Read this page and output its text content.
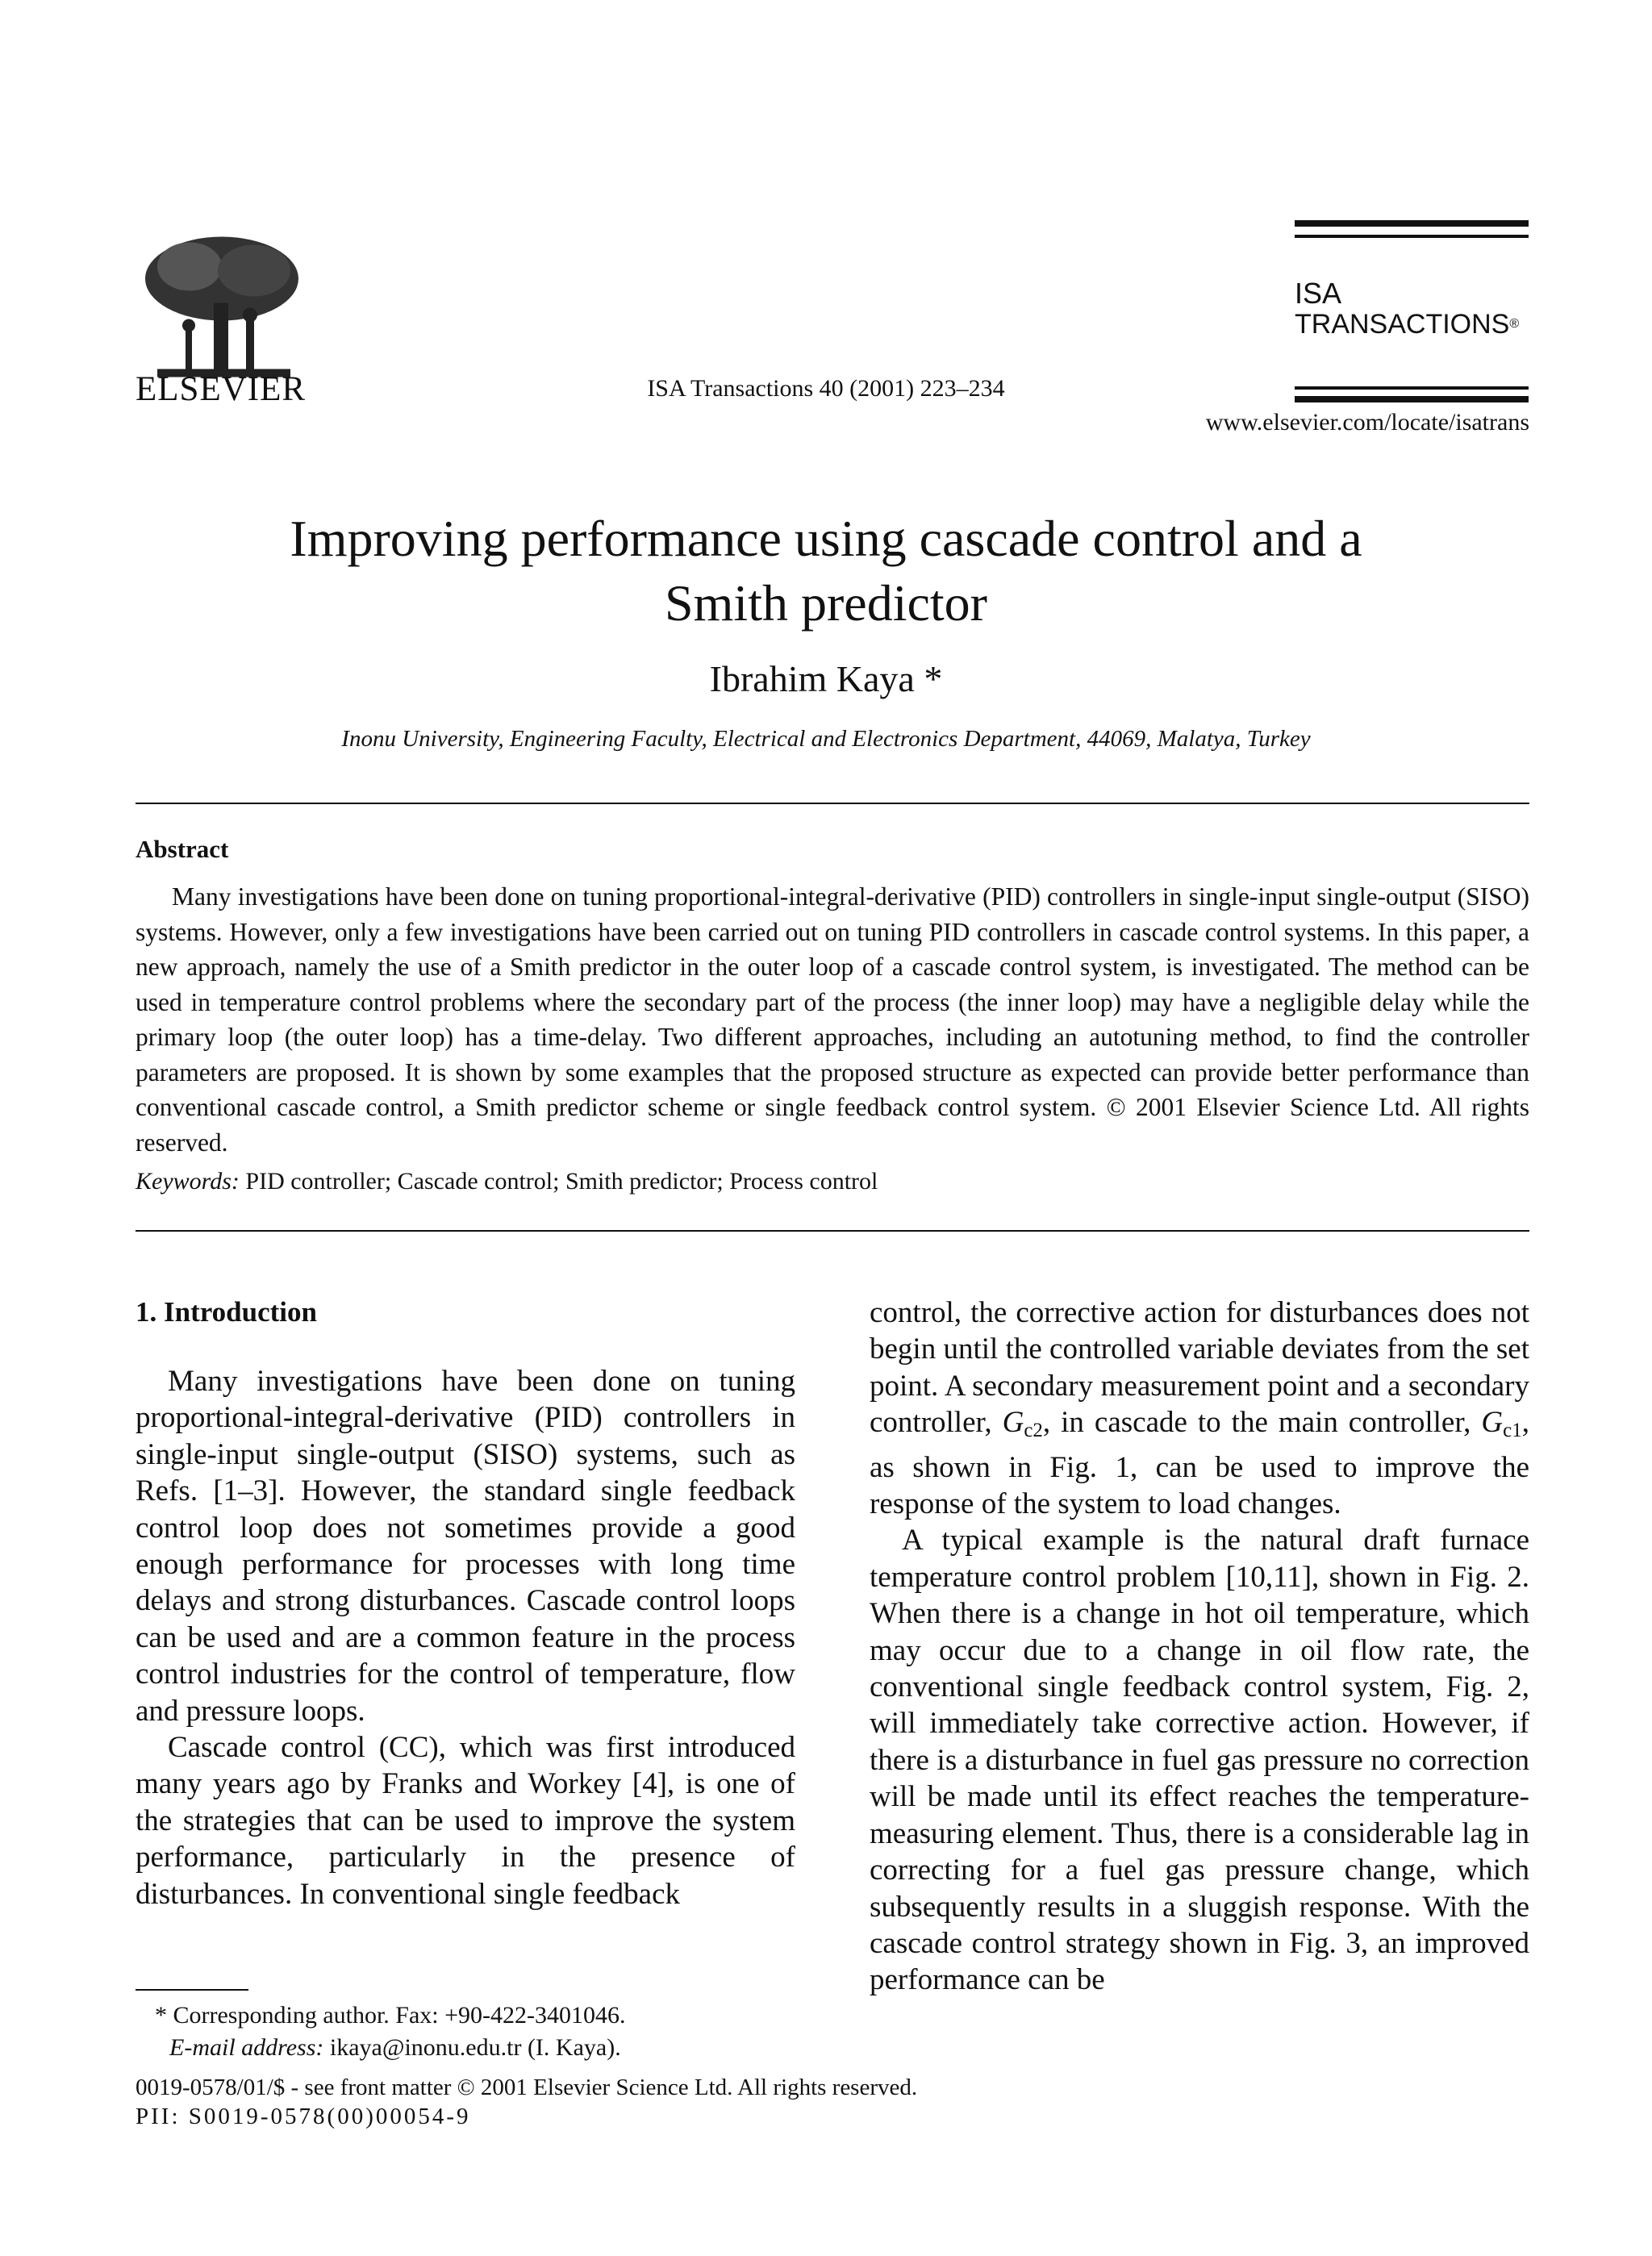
ELSEVIER	ISA Transactions 40 (2001) 223–234
ISA
TRANSACTIONS®
www.elsevier.com/locate/isatrans
Improving performance using cascade control and a
Smith predictor
Ibrahim Kaya *
Inonu University, Engineering Faculty, Electrical and Electronics Department, 44069, Malatya, Turkey
Abstract
Many investigations have been done on tuning proportional-integral-derivative (PID) controllers in single-input single-output (SISO) systems. However, only a few investigations have been carried out on tuning PID controllers in cascade control systems. In this paper, a new approach, namely the use of a Smith predictor in the outer loop of a cascade control system, is investigated. The method can be used in temperature control problems where the secondary part of the process (the inner loop) may have a negligible delay while the primary loop (the outer loop) has a time-delay. Two different approaches, including an autotuning method, to find the controller parameters are proposed. It is shown by some examples that the proposed structure as expected can provide better performance than conventional cascade control, a Smith predictor scheme or single feedback control system. © 2001 Elsevier Science Ltd. All rights reserved.
Keywords: PID controller; Cascade control; Smith predictor; Process control
1. Introduction

Many investigations have been done on tuning proportional-integral-derivative (PID) controllers in single-input single-output (SISO) systems, such as Refs. [1–3]. However, the standard single feedback control loop does not sometimes provide a good enough performance for processes with long time delays and strong disturbances. Cascade control loops can be used and are a common feature in the process control industries for the control of temperature, flow and pressure loops.

Cascade control (CC), which was first introduced many years ago by Franks and Workey [4], is one of the strategies that can be used to improve the system performance, particularly in the presence of disturbances. In conventional single feedback

control, the corrective action for disturbances does not begin until the controlled variable deviates from the set point. A secondary measurement point and a secondary controller, $G_{c2}$, in cascade to the main controller, $G_{c1}$, as shown in Fig. 1, can be used to improve the response of the system to load changes.

A typical example is the natural draft furnace temperature control problem [10,11], shown in Fig. 2. When there is a change in hot oil temperature, which may occur due to a change in oil flow rate, the conventional single feedback control system, Fig. 2, will immediately take corrective action. However, if there is a disturbance in fuel gas pressure no correction will be made until its effect reaches the temperature-measuring element. Thus, there is a considerable lag in correcting for a fuel gas pressure change, which subsequently results in a sluggish response. With the cascade control strategy shown in Fig. 3, an improved performance can be

* Corresponding author. Fax: +90-422-3401046.
E-mail address: ikaya@inonu.edu.tr (I. Kaya).
0019-0578/01/$ - see front matter © 2001 Elsevier Science Ltd. All rights reserved.
PII: S0019-0578(00)00054-9
